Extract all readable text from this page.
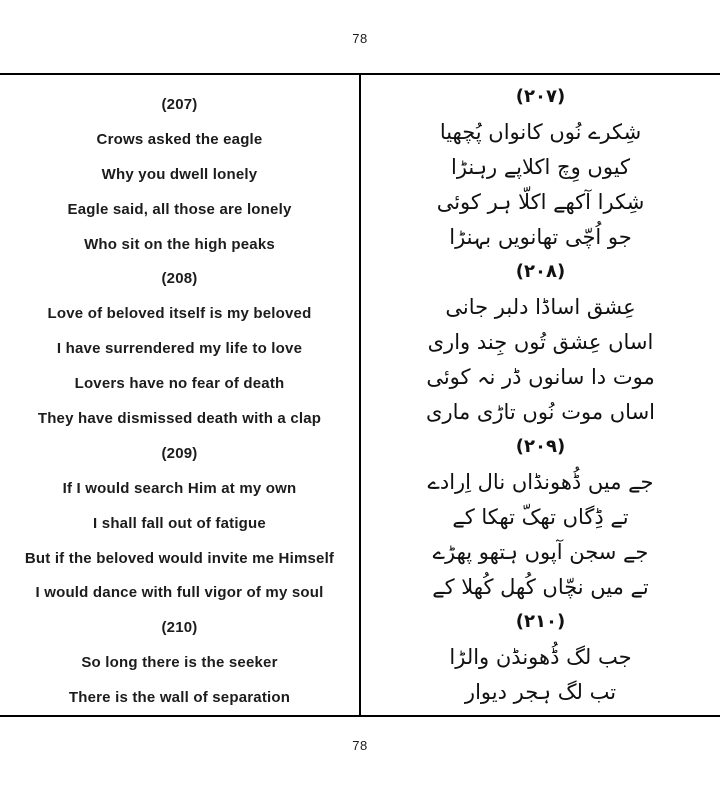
78
(207)
Crows asked the eagle
Why you dwell lonely
Eagle said, all those are lonely
Who sit on the high peaks
(208)
Love of beloved itself is my beloved
I have surrendered my life to love
Lovers have no fear of death
They have dismissed death with a clap
(209)
If I would search Him at my own
I shall fall out of fatigue
But if the beloved would invite me Himself
I would dance with full vigor of my soul
(210)
So long there is the seeker
There is the wall of separation
(٢٠٧)
شِکرے نُوں کانواں پُچھیا
کیوں وِچ اکلاپے رہنڑا
شِکرا آکھے اکلّا ہر کوئی
جو اُچّی تھانویں بہنڑا
(٢٠٨)
عِشق اساڈا دلبر جانی
اساں عِشق تُوں جِند واری
موت دا سانوں ڈر نہ کوئی
اساں موت نُوں تاڑی ماری
(٢٠٩)
جے میں ڈُھونڈاں نال اِرادے
تے ڈِگاں تھکّ تھکا کے
جے سجن آپوں ہتھو پھڑے
تے میں نچّاں کُھل کُھلا کے
(٢١٠)
جب لگ ڈُھونڈن والڑا
تب لگ ہجر دیوار
78
